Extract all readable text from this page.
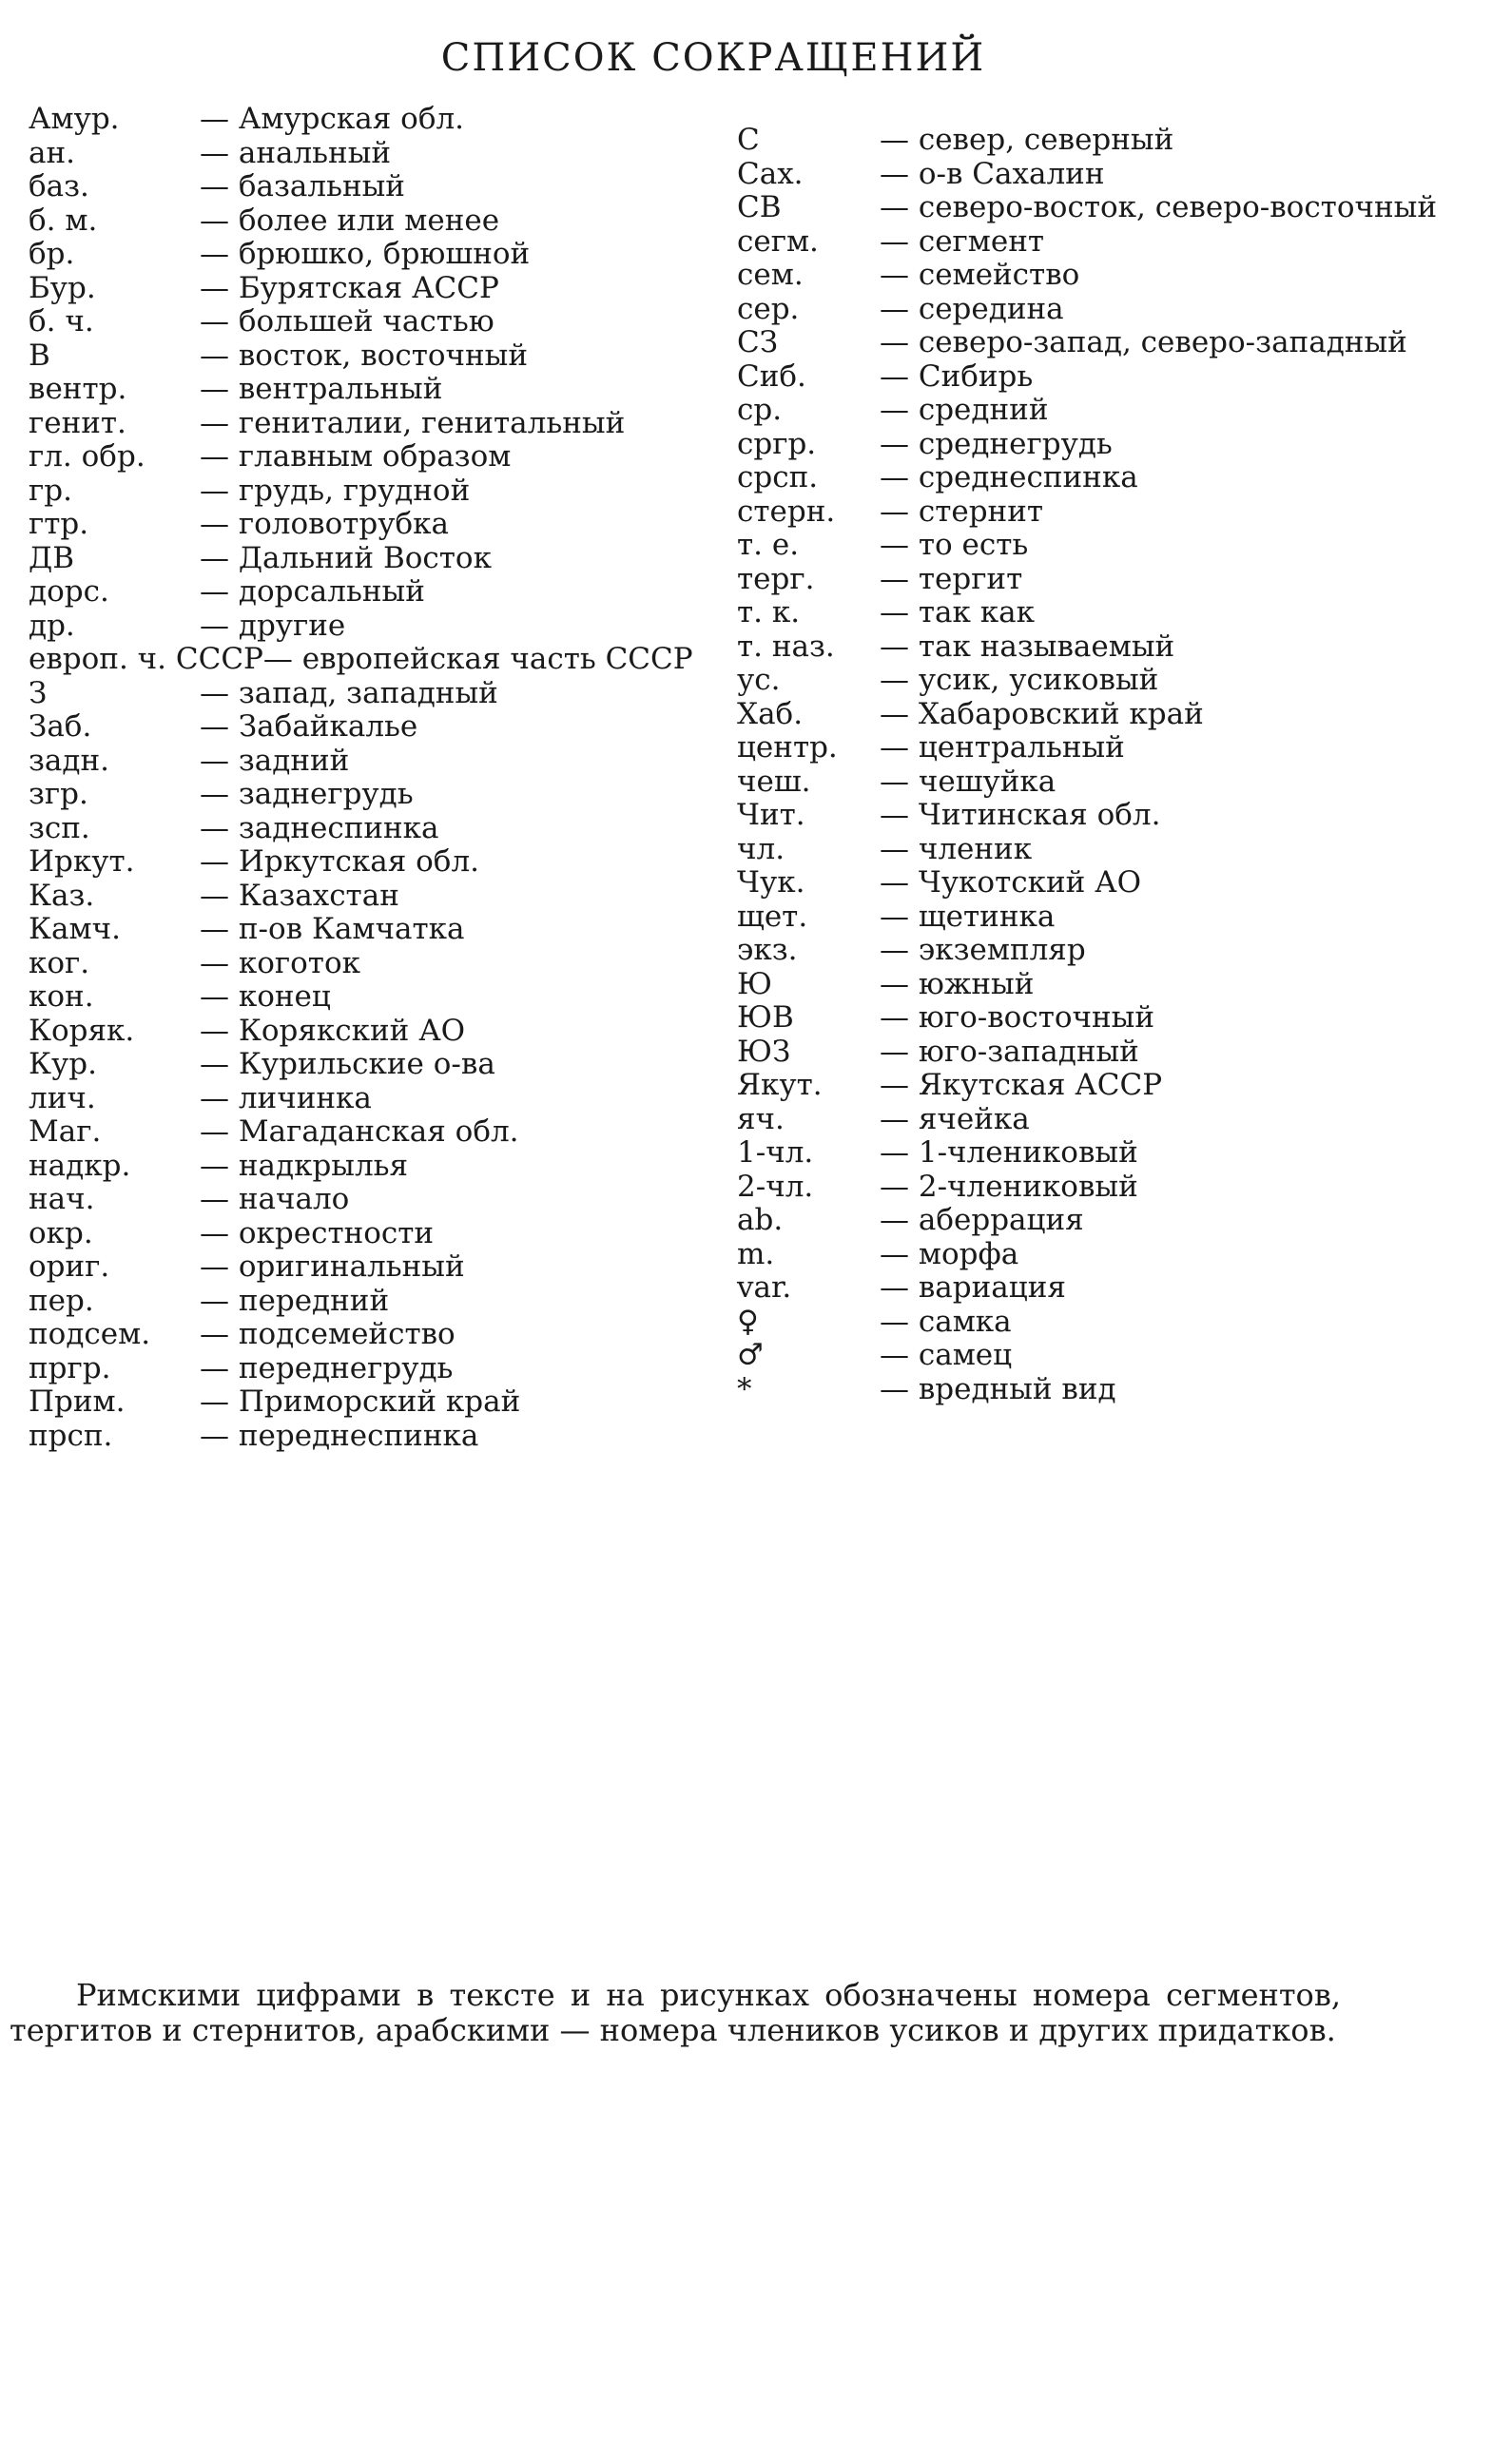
СПИСОК СОКРАЩЕНИЙ
Амур.	— Амурская обл.
ан.	— анальный
баз.	— базальный
б. м.	— более или менее
бр.	— брюшко, брюшной
Бур.	— Бурятская АССР
б. ч.	— большей частью
В	— восток, восточный
вентр.	— вентральный
генит.	— гениталии, генитальный
гл. обр.	— главным образом
гр.	— грудь, грудной
гтр.	— головотрубка
ДВ	— Дальний Восток
дорс.	— дорсальный
др.	— другие
европ. ч. СССР — европейская часть СССР
З	— запад, западный
Заб.	— Забайкалье
задн.	— задний
згр.	— заднегрудь
зсп.	— заднеспинка
Иркут.	— Иркутская обл.
Каз.	— Казахстан
Камч.	— п-ов Камчатка
ког.	— коготок
кон.	— конец
Коряк.	— Корякский АО
Кур.	— Курильские о-ва
лич.	— личинка
Маг.	— Магаданская обл.
надкр.	— надкрылья
нач.	— начало
окр.	— окрестности
ориг.	— оригинальный
пер.	— передний
подсем.	— подсемейство
пргр.	— переднегрудь
Прим.	— Приморский край
прсп.	— переднеспинка
С	— север, северный
Сах.	— о-в Сахалин
СВ	— северо-восток, северо-восточный
сегм.	— сегмент
сем.	— семейство
сер.	— середина
СЗ	— северо-запад, северо-западный
Сиб.	— Сибирь
ср.	— средний
сргр.	— среднегрудь
срсп.	— среднеспинка
стерн.	— стернит
т. е.	— то есть
терг.	— тергит
т. к.	— так как
т. наз.	— так называемый
ус.	— усик, усиковый
Хаб.	— Хабаровский край
центр.	— центральный
чеш.	— чешуйка
Чит.	— Читинская обл.
чл.	— членик
Чук.	— Чукотский АО
щет.	— щетинка
экз.	— экземпляр
Ю	— южный
ЮВ	— юго-восточный
ЮЗ	— юго-западный
Якут.	— Якутская АССР
яч.	— ячейка
1-чл.	— 1-члениковый
2-чл.	— 2-члениковый
ab.	— аберрация
m.	— морфа
var.	— вариация
♀	— самка
♂	— самец
*	— вредный вид
Римскими цифрами в тексте и на рисунках обозначены номера сегментов, тергитов и стернитов, арабскими — номера члеников усиков и других придатков.
